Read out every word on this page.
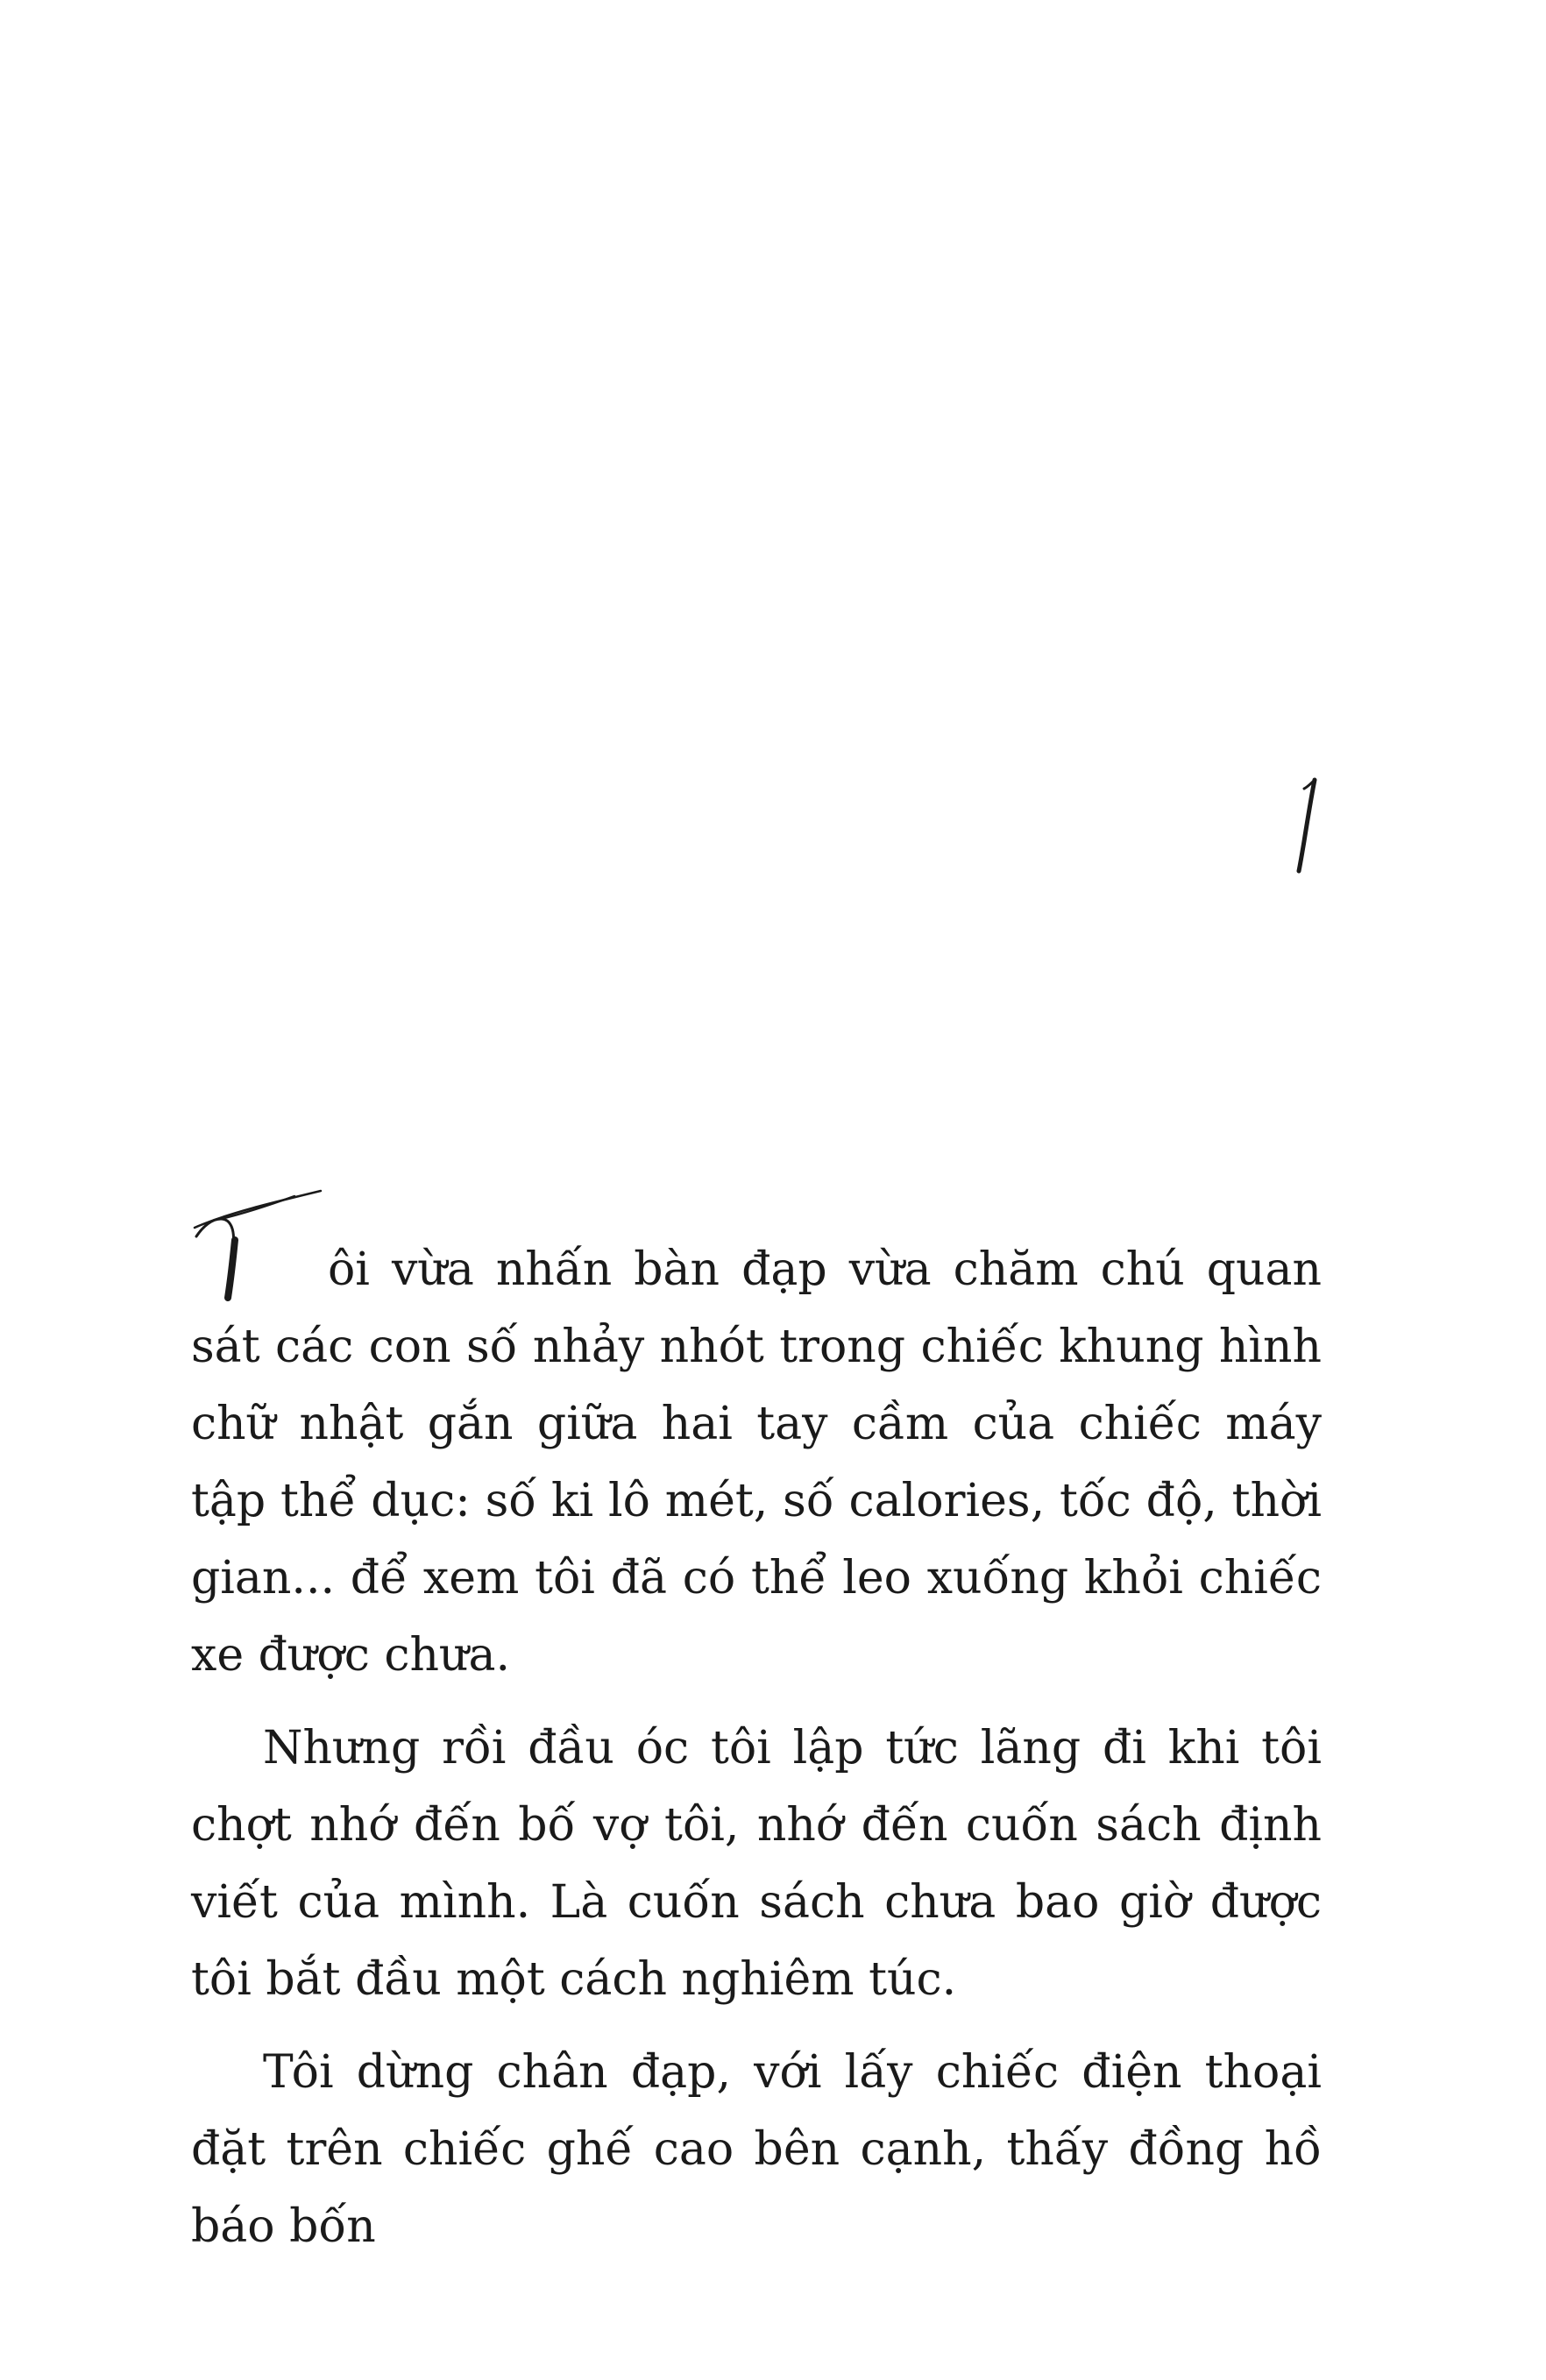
ôi vừa nhấn bàn đạp vừa chăm chú quan sát các con số nhảy nhót trong chiếc khung hình chữ nhật gắn giữa hai tay cầm của chiếc máy tập thể dục: số ki lô mét, số calories, tốc độ, thời gian... để xem tôi đã có thể leo xuống khỏi chiếc xe được chưa.

Nhưng rồi đầu óc tôi lập tức lãng đi khi tôi chợt nhớ đến bố vợ tôi, nhớ đến cuốn sách định viết của mình. Là cuốn sách chưa bao giờ được tôi bắt đầu một cách nghiêm túc.

Tôi dừng chân đạp, với lấy chiếc điện thoại đặt trên chiếc ghế cao bên cạnh, thấy đồng hồ báo bốn
